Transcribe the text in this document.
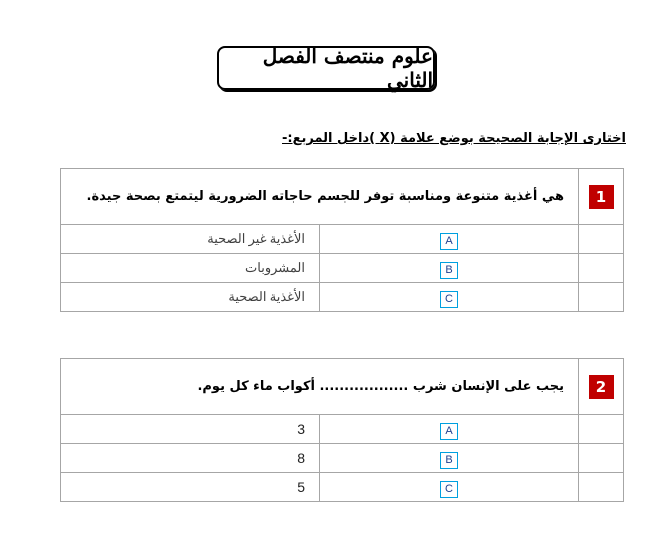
علوم منتصف الفصل الثاني
اختارى الإجابة الصحيحة بوضع علامة (X )داخل المربع:-
1	هي أغذية متنوعة ومناسبة توفر للجسم حاجاته الضرورية ليتمتع بصحة جيدة.	
	A	الأغذية غير الصحية
	B	المشروبات
	C	الأغذية الصحية
2	يجب على الإنسان شرب .................. أكواب ماء كل يوم.	
	A	3
	B	8
	C	5
